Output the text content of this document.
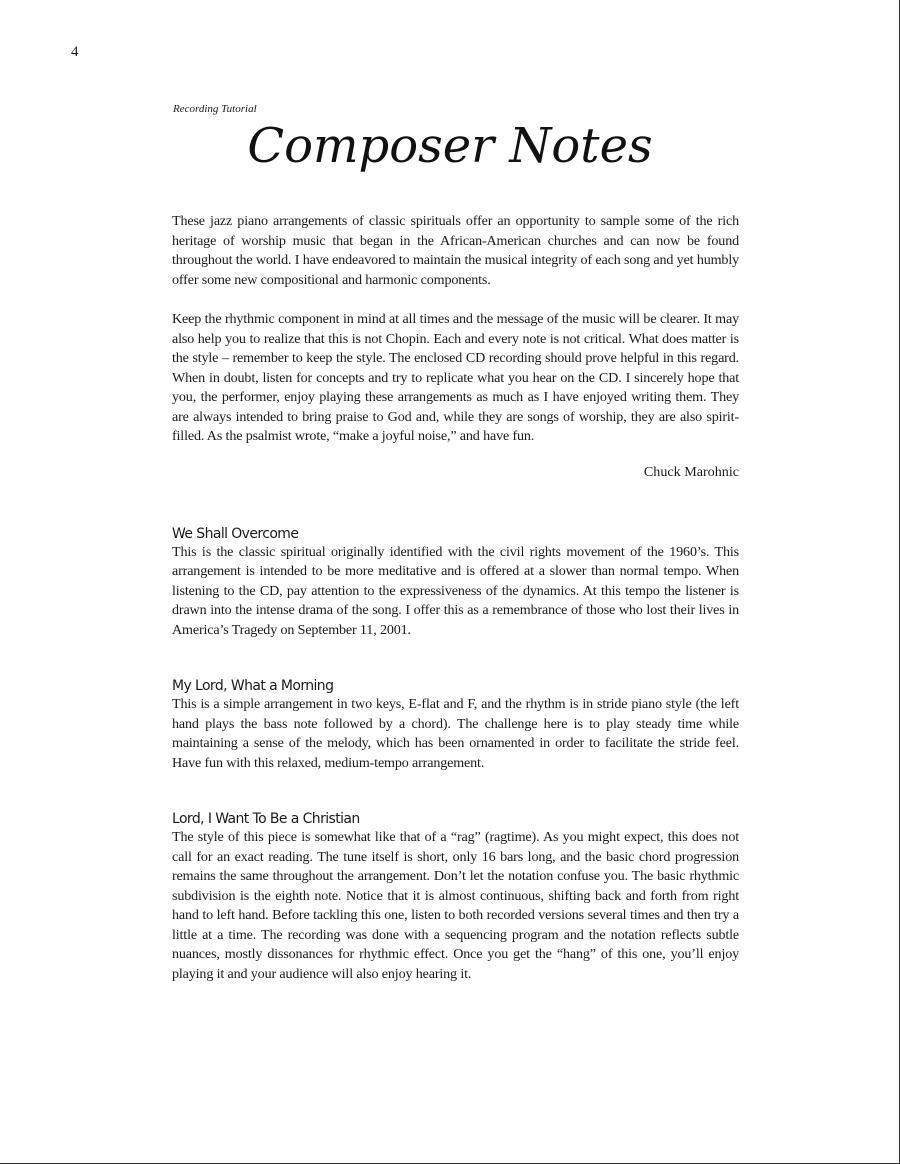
4
Recording Tutorial
Composer Notes

These jazz piano arrangements of classic spirituals offer an opportunity to sample some of the rich heritage of worship music that began in the African-American churches and can now be found throughout the world. I have endeavored to maintain the musical integrity of each song and yet humbly offer some new compositional and harmonic components.

Keep the rhythmic component in mind at all times and the message of the music will be clearer. It may also help you to realize that this is not Chopin. Each and every note is not critical. What does matter is the style – remember to keep the style. The enclosed CD recording should prove helpful in this regard. When in doubt, listen for concepts and try to replicate what you hear on the CD. I sincerely hope that you, the performer, enjoy playing these arrangements as much as I have enjoyed writing them. They are always intended to bring praise to God and, while they are songs of worship, they are also spirit-filled. As the psalmist wrote, “make a joyful noise,” and have fun.

Chuck Marohnic
We Shall Overcome

This is the classic spiritual originally identified with the civil rights movement of the 1960’s. This arrangement is intended to be more meditative and is offered at a slower than normal tempo. When listening to the CD, pay attention to the expressiveness of the dynamics. At this tempo the listener is drawn into the intense drama of the song. I offer this as a remembrance of those who lost their lives in America’s Tragedy on September 11, 2001.

My Lord, What a Morning

This is a simple arrangement in two keys, E-flat and F, and the rhythm is in stride piano style (the left hand plays the bass note followed by a chord). The challenge here is to play steady time while maintaining a sense of the melody, which has been ornamented in order to facilitate the stride feel. Have fun with this relaxed, medium-tempo arrangement.

Lord, I Want To Be a Christian

The style of this piece is somewhat like that of a “rag” (ragtime). As you might expect, this does not call for an exact reading. The tune itself is short, only 16 bars long, and the basic chord progression remains the same throughout the arrangement. Don’t let the notation confuse you. The basic rhythmic subdivision is the eighth note. Notice that it is almost continuous, shifting back and forth from right hand to left hand. Before tackling this one, listen to both recorded versions several times and then try a little at a time. The recording was done with a sequencing program and the notation reflects subtle nuances, mostly dissonances for rhythmic effect. Once you get the “hang” of this one, you’ll enjoy playing it and your audience will also enjoy hearing it.
